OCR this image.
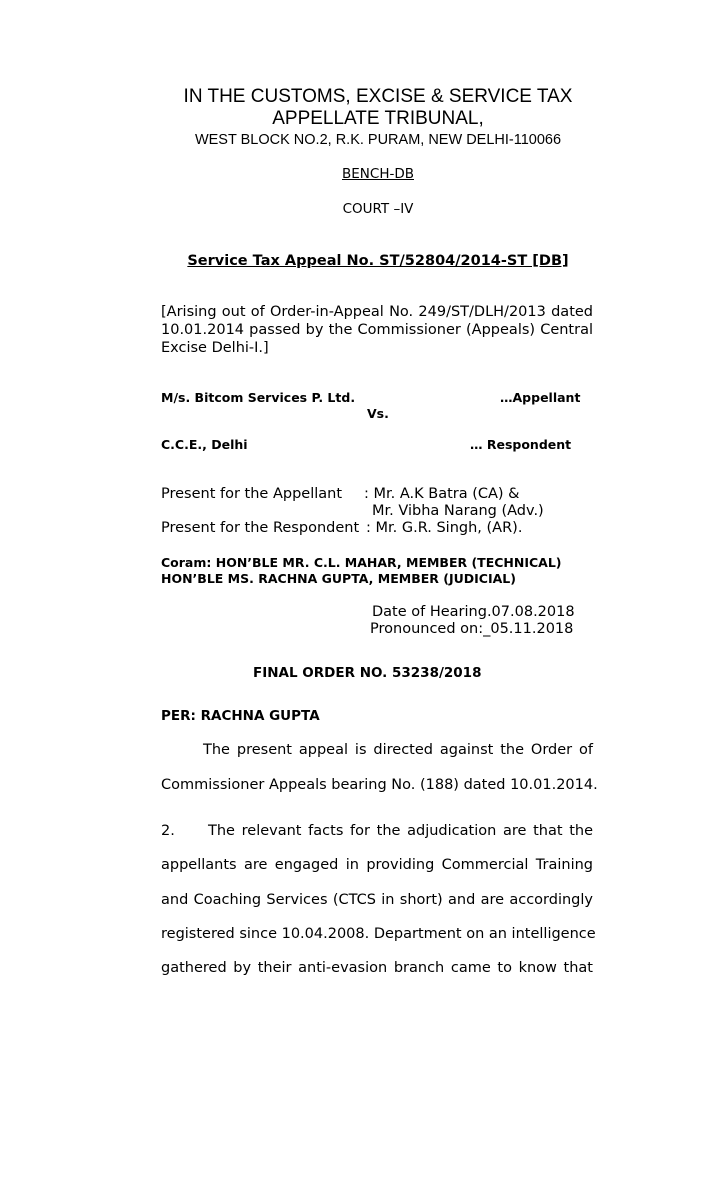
IN THE CUSTOMS, EXCISE & SERVICE TAX
APPELLATE TRIBUNAL,
WEST BLOCK NO.2, R.K. PURAM, NEW DELHI-110066
BENCH-DB
COURT –IV
Service Tax Appeal No. ST/52804/2014-ST [DB]
[Arising out of Order-in-Appeal No. 249/ST/DLH/2013 dated
10.01.2014 passed by the Commissioner (Appeals) Central
Excise Delhi-I.]
M/s. Bitcom Services P. Ltd.	…Appellant
Vs.
C.C.E., Delhi	… Respondent
Present for the Appellant : Mr. A.K Batra (CA) &
Mr. Vibha Narang (Adv.)
Present for the Respondent : Mr. G.R. Singh, (AR).
Coram: HON’BLE MR. C.L. MAHAR, MEMBER (TECHNICAL)
HON’BLE MS. RACHNA GUPTA, MEMBER (JUDICIAL)
Date of Hearing.07.08.2018
Pronounced on:_05.11.2018
FINAL ORDER NO. 53238/2018
PER: RACHNA GUPTA
The present appeal is directed against the Order of
Commissioner Appeals bearing No. (188) dated 10.01.2014.
2. The relevant facts for the adjudication are that the
appellants are engaged in providing Commercial Training
and Coaching Services (CTCS in short) and are accordingly
registered since 10.04.2008. Department on an intelligence
gathered by their anti-evasion branch came to know that
